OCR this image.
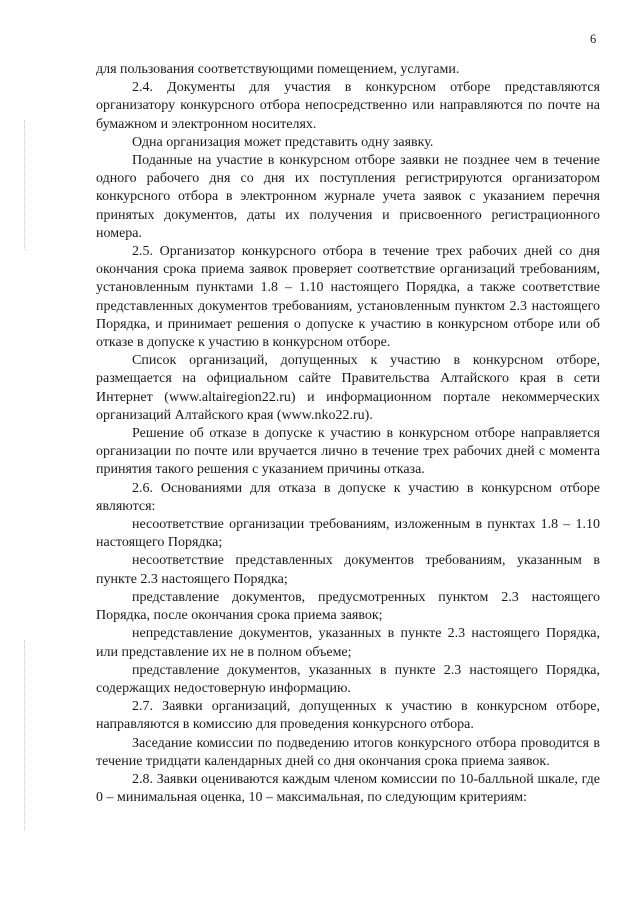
6

для пользования соответствующими помещением, услугами.

2.4. Документы для участия в конкурсном отборе представляются организатору конкурсного отбора непосредственно или направляются по почте на бумажном и электронном носителях.

Одна организация может представить одну заявку.

Поданные на участие в конкурсном отборе заявки не позднее чем в течение одного рабочего дня со дня их поступления регистрируются организатором конкурсного отбора в электронном журнале учета заявок с указанием перечня принятых документов, даты их получения и присвоенного регистрационного номера.

2.5. Организатор конкурсного отбора в течение трех рабочих дней со дня окончания срока приема заявок проверяет соответствие организаций требованиям, установленным пунктами 1.8 – 1.10 настоящего Порядка, а также соответствие представленных документов требованиям, установленным пунктом 2.3 настоящего Порядка, и принимает решения о допуске к участию в конкурсном отборе или об отказе в допуске к участию в конкурсном отборе.

Список организаций, допущенных к участию в конкурсном отборе, размещается на официальном сайте Правительства Алтайского края в сети Интернет (www.altairegion22.ru) и информационном портале некоммерческих организаций Алтайского края (www.nko22.ru).

Решение об отказе в допуске к участию в конкурсном отборе направляется организации по почте или вручается лично в течение трех рабочих дней с момента принятия такого решения с указанием причины отказа.

2.6. Основаниями для отказа в допуске к участию в конкурсном отборе являются:

несоответствие организации требованиям, изложенным в пунктах 1.8 – 1.10 настоящего Порядка;

несоответствие представленных документов требованиям, указанным в пункте 2.3 настоящего Порядка;

представление документов, предусмотренных пунктом 2.3 настоящего Порядка, после окончания срока приема заявок;

непредставление документов, указанных в пункте 2.3 настоящего Порядка, или представление их не в полном объеме;

представление документов, указанных в пункте 2.3 настоящего Порядка, содержащих недостоверную информацию.

2.7. Заявки организаций, допущенных к участию в конкурсном отборе, направляются в комиссию для проведения конкурсного отбора.

Заседание комиссии по подведению итогов конкурсного отбора проводится в течение тридцати календарных дней со дня окончания срока приема заявок.

2.8. Заявки оцениваются каждым членом комиссии по 10-балльной шкале, где 0 – минимальная оценка, 10 – максимальная, по следующим критериям:
